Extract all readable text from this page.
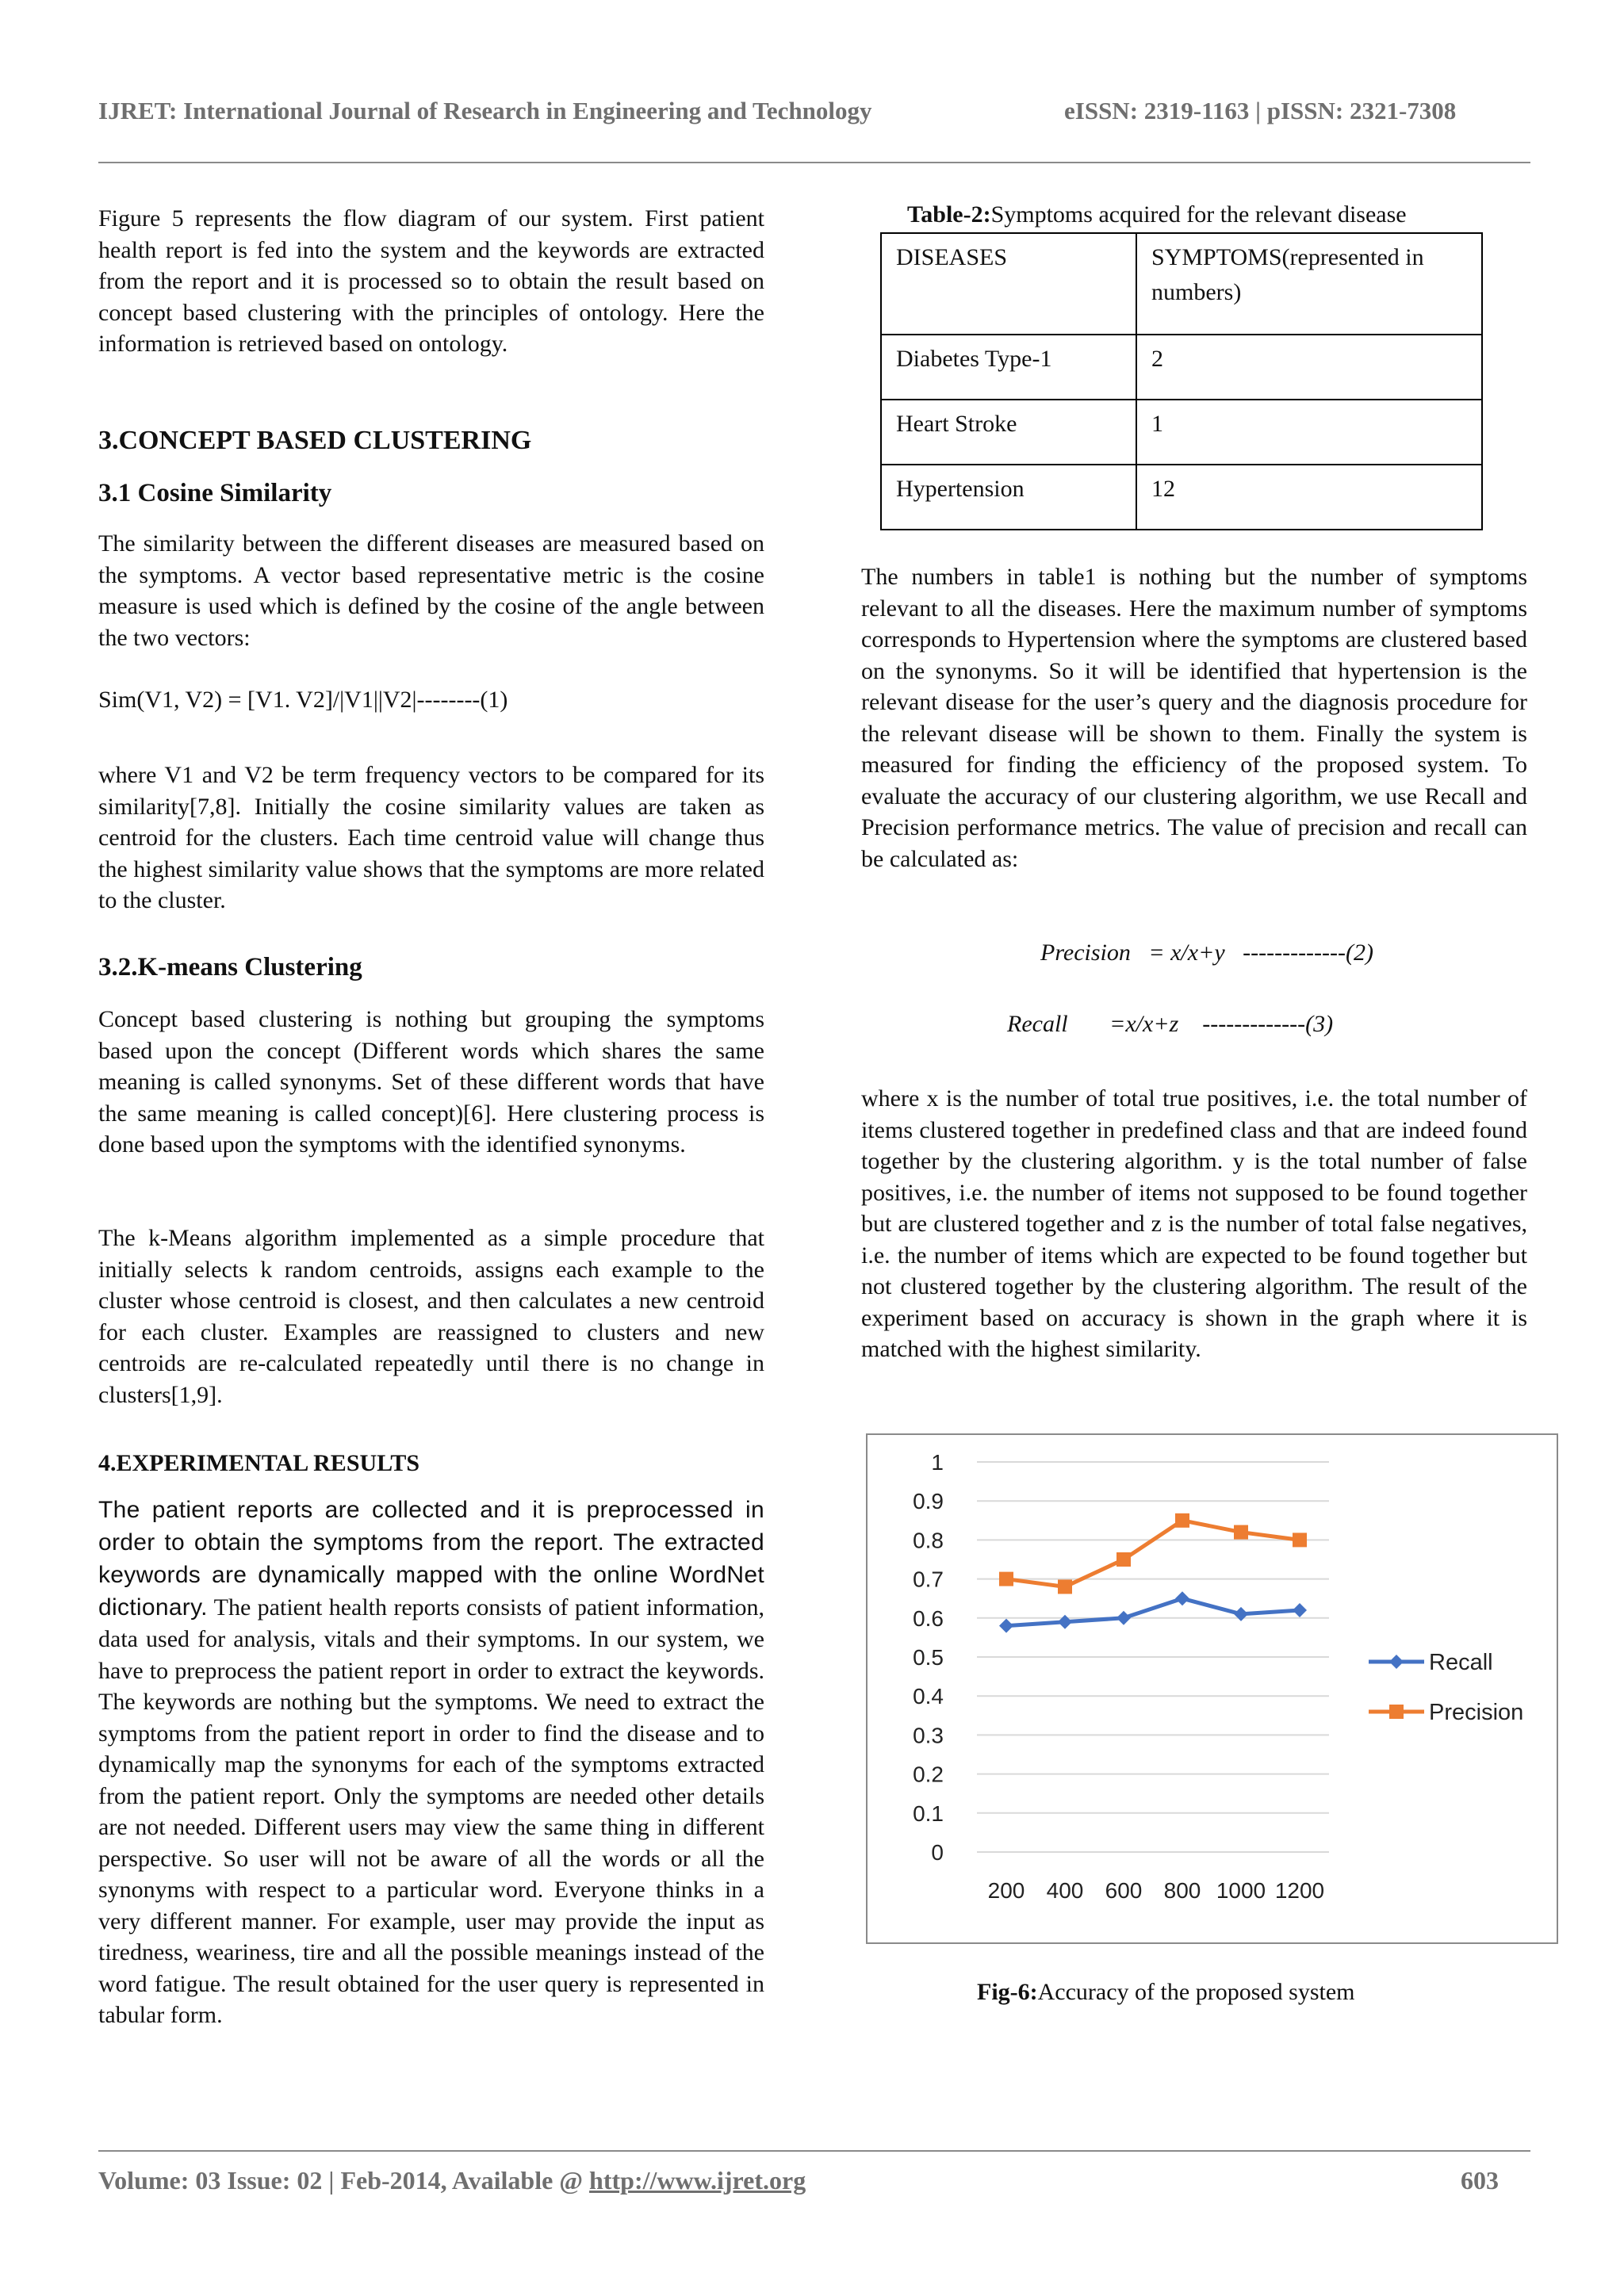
IJRET: International Journal of Research in Engineering and Technology	eISSN: 2319-1163 | pISSN: 2321-7308

Figure 5 represents the flow diagram of our system. First patient health report is fed into the system and the keywords are extracted from the report and it is processed so to obtain the result based on concept based clustering with the principles of ontology. Here the information is retrieved based on ontology.

3.CONCEPT BASED CLUSTERING
3.1 Cosine Similarity

The similarity between the different diseases are measured based on the symptoms. A vector based representative metric is the cosine measure is used which is defined by the cosine of the angle between the two vectors:

Sim(V1, V2) = [V1. V2]/|V1||V2|--------(1)

where V1 and V2 be term frequency vectors to be compared for its similarity[7,8]. Initially the cosine similarity values are taken as centroid for the clusters. Each time centroid value will change thus the highest similarity value shows that the symptoms are more related to the cluster.

3.2.K-means Clustering

Concept based clustering is nothing but grouping the symptoms based upon the concept (Different words which shares the same meaning is called synonyms. Set of these different words that have the same meaning is called concept)[6]. Here clustering process is done based upon the symptoms with the identified synonyms.

The k-Means algorithm implemented as a simple procedure that initially selects k random centroids, assigns each example to the cluster whose centroid is closest, and then calculates a new centroid for each cluster. Examples are reassigned to clusters and new centroids are re-calculated repeatedly until there is no change in clusters[1,9].

4.EXPERIMENTAL RESULTS
The patient reports are collected and it is preprocessed in order to obtain the symptoms from the report. The extracted keywords are dynamically mapped with the online WordNet dictionary. The patient health reports consists of patient information, data used for analysis, vitals and their symptoms. In our system, we have to preprocess the patient report in order to extract the keywords. The keywords are nothing but the symptoms. We need to extract the symptoms from the patient report in order to find the disease and to dynamically map the synonyms for each of the symptoms extracted from the patient report. Only the symptoms are needed other details are not needed. Different users may view the same thing in different perspective. So user will not be aware of all the words or all the synonyms with respect to a particular word. Everyone thinks in a very different manner. For example, user may provide the input as tiredness, weariness, tire and all the possible meanings instead of the word fatigue. The result obtained for the user query is represented in tabular form.
Table-2:Symptoms acquired for the relevant disease
DISEASES	SYMPTOMS(represented in numbers)
Diabetes Type-1	2
Heart Stroke	1
Hypertension	12

The numbers in table1 is nothing but the number of symptoms relevant to all the diseases. Here the maximum number of symptoms corresponds to Hypertension where the symptoms are clustered based on the synonyms. So it will be identified that hypertension is the relevant disease for the user’s query and the diagnosis procedure for the relevant disease will be shown to them. Finally the system is measured for finding the efficiency of the proposed system. To evaluate the accuracy of our clustering algorithm, we use Recall and Precision performance metrics. The value of precision and recall can be calculated as:

Precision   = x/x+y   -------------(2)
Recall       =x/x+z    -------------(3)

where x is the number of total true positives, i.e. the total number of items clustered together in predefined class and that are indeed found together by the clustering algorithm. y is the total number of false positives, i.e. the number of items not supposed to be found together but are clustered together and z is the number of total false negatives, i.e. the number of items which are expected to be found together but not clustered together by the clustering algorithm. The result of the experiment based on accuracy is shown in the graph where it is matched with the highest similarity.

0
0.1
0.2
0.3
0.4
0.5
0.6
0.7
0.8
0.9
1
200 400 600 800 1000 1200
Recall
Precision
Fig-6:Accuracy of the proposed system
Volume: 03 Issue: 02 | Feb-2014, Available @ http://www.ijret.org	603
